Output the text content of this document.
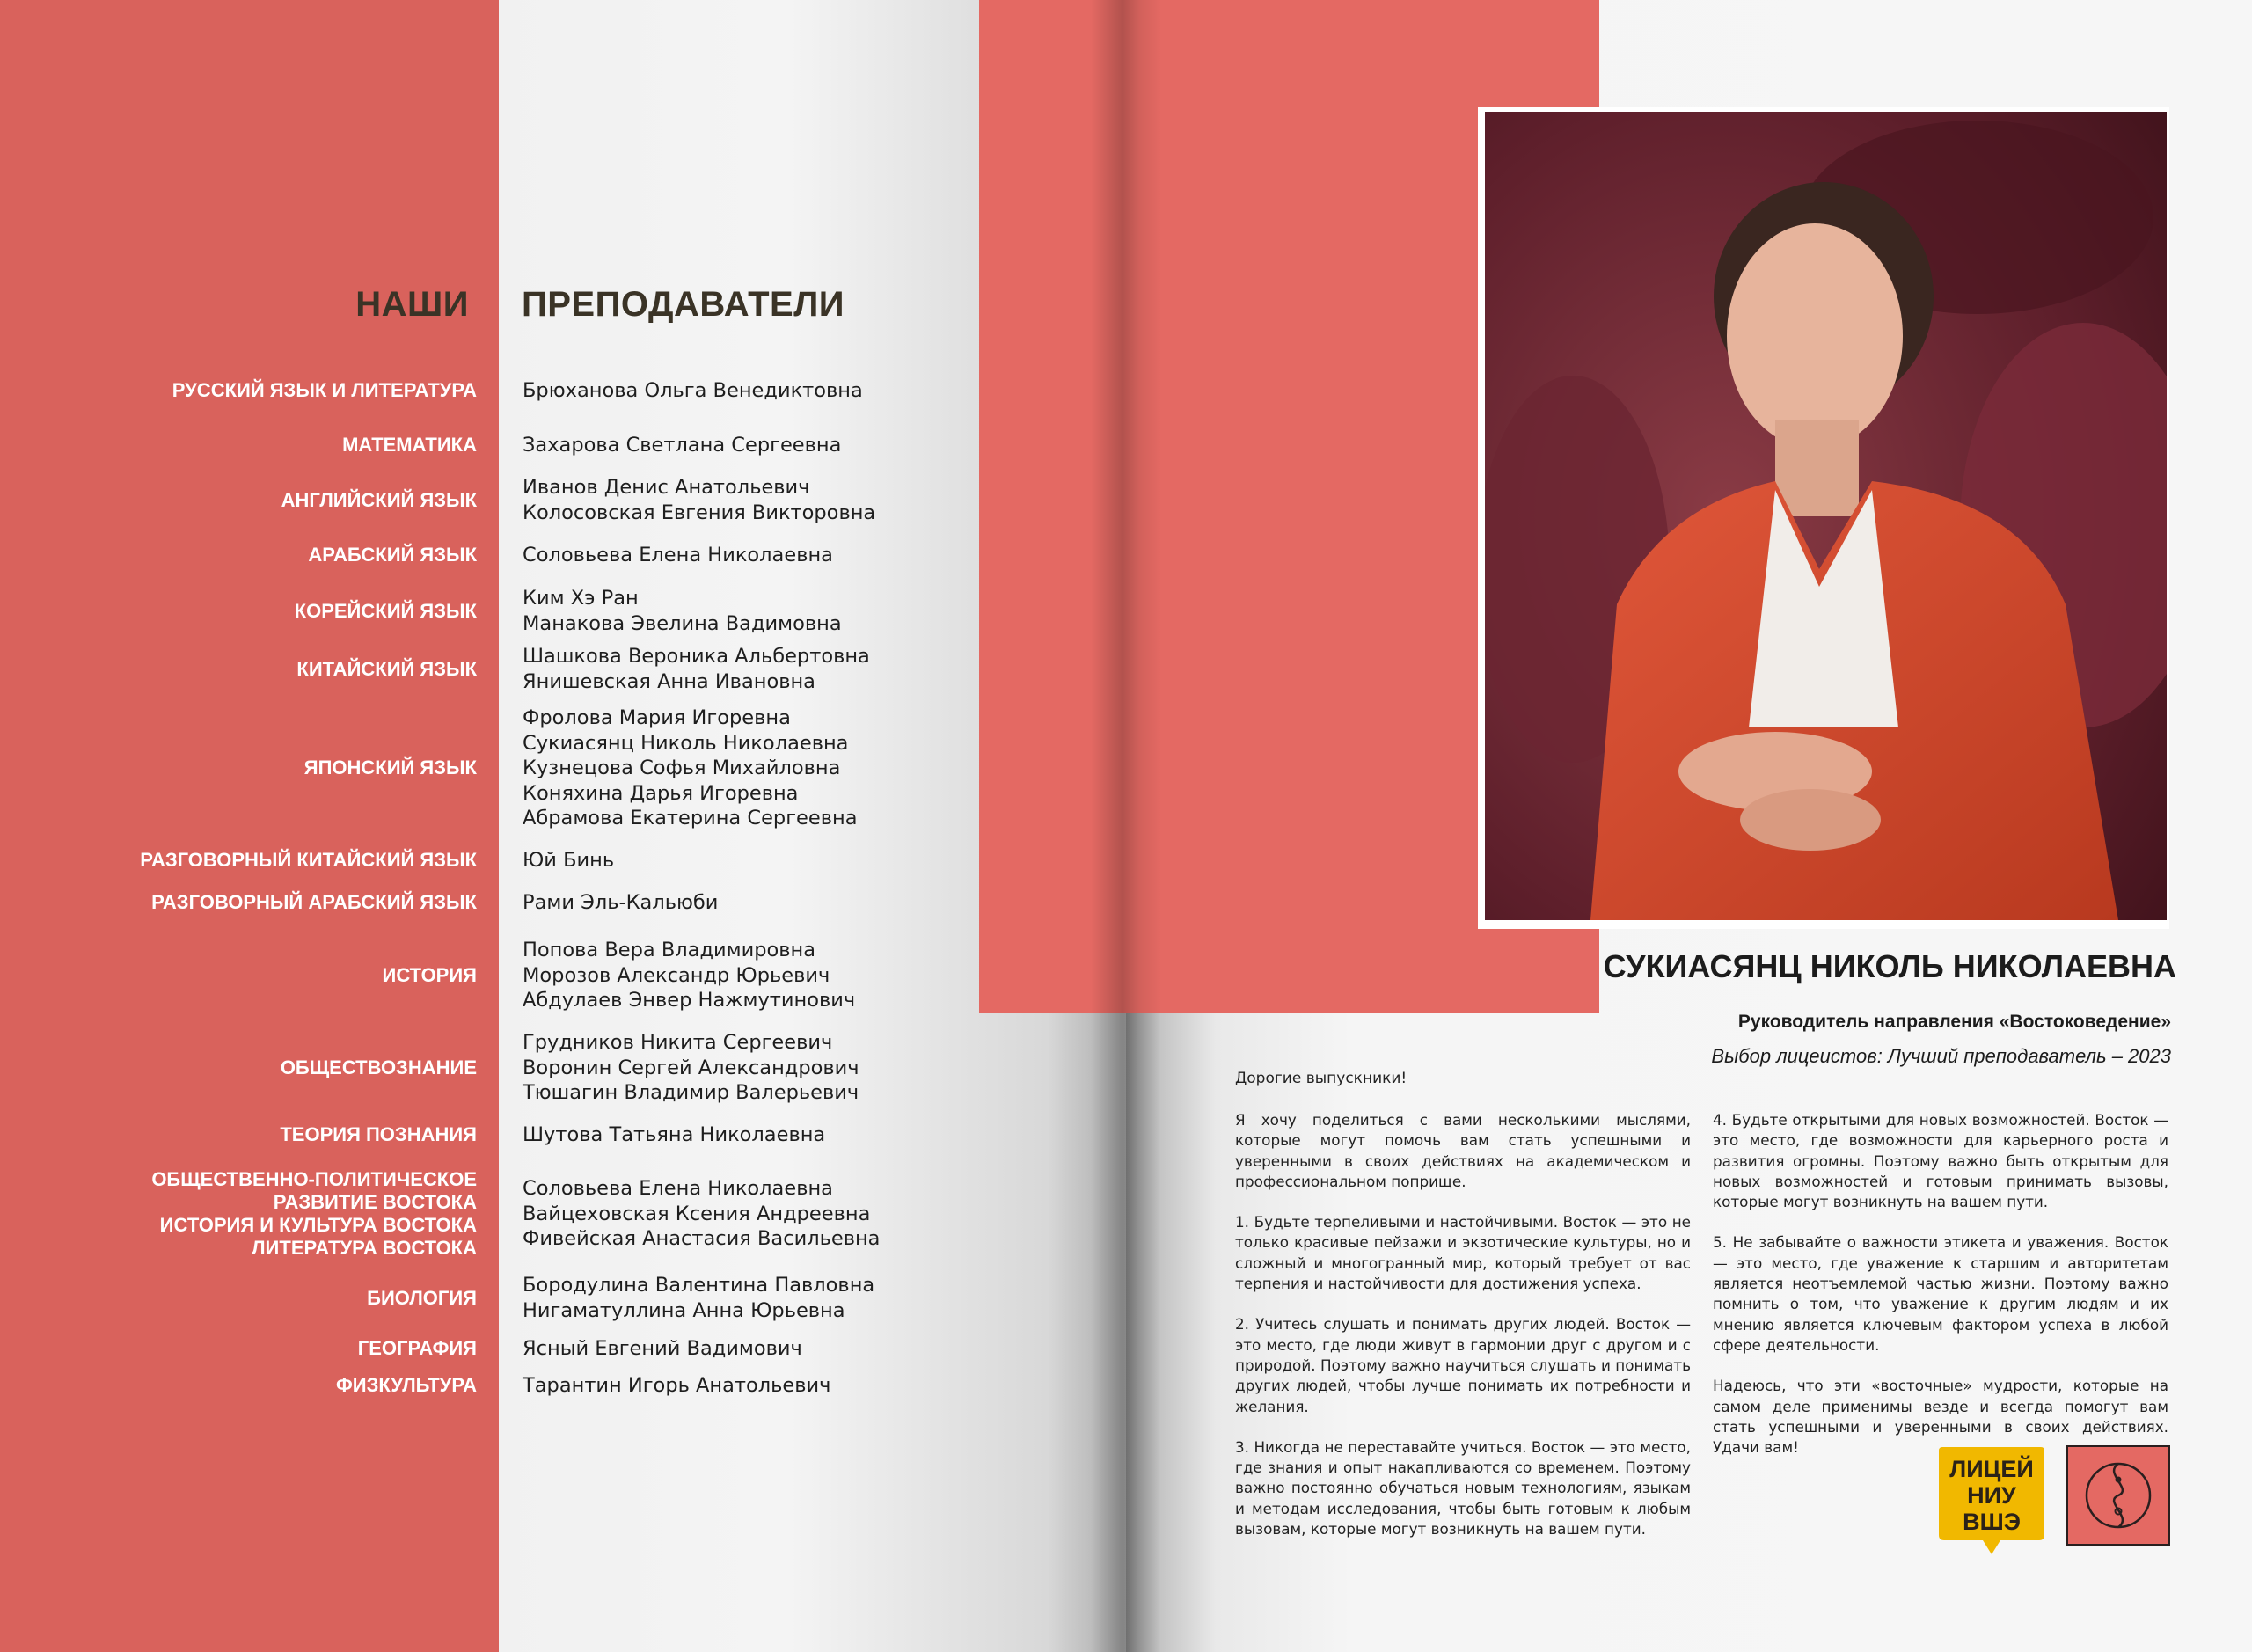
НАШИ ПРЕПОДАВАТЕЛИ
РУССКИЙ ЯЗЫК И ЛИТЕРАТУРА Брюханова Ольга Венедиктовна
МАТЕМАТИКА Захарова Светлана Сергеевна
АНГЛИЙСКИЙ ЯЗЫК
Иванов Денис Анатольевич
Колосовская Евгения Викторовна
АРАБСКИЙ ЯЗЫК Соловьева Елена Николаевна
КОРЕЙСКИЙ ЯЗЫК
Ким Хэ Ран
Манакова Эвелина Вадимовна
КИТАЙСКИЙ ЯЗЫК
Шашкова Вероника Альбертовна
Янишевская Анна Ивановна
ЯПОНСКИЙ ЯЗЫК
Фролова Мария Игоревна
Сукиасянц Николь Николаевна
Кузнецова Софья Михайловна
Коняхина Дарья Игоревна
Абрамова Екатерина Сергеевна
РАЗГОВОРНЫЙ КИТАЙСКИЙ ЯЗЫК Юй Бинь
РАЗГОВОРНЫЙ АРАБСКИЙ ЯЗЫК Рами Эль-Кальюби
ИСТОРИЯ
Попова Вера Владимировна
Морозов Александр Юрьевич
Абдулаев Энвер Нажмутинович
ОБЩЕСТВОЗНАНИЕ
Грудников Никита Сергеевич
Воронин Сергей Александрович
Тюшагин Владимир Валерьевич
ТЕОРИЯ ПОЗНАНИЯ Шутова Татьяна Николаевна
ОБЩЕСТВЕННО-ПОЛИТИЧЕСКОЕ
РАЗВИТИЕ ВОСТОКА
ИСТОРИЯ И КУЛЬТУРА ВОСТОКА
ЛИТЕРАТУРА ВОСТОКА
Соловьева Елена Николаевна
Вайцеховская Ксения Андреевна
Фивейская Анастасия Васильевна
БИОЛОГИЯ
Бородулина Валентина Павловна
Нигаматуллина Анна Юрьевна
ГЕОГРАФИЯ Ясный Евгений Вадимович
ФИЗКУЛЬТУРА Тарантин Игорь Анатольевич
СУКИАСЯНЦ НИКОЛЬ НИКОЛАЕВНА
Руководитель направления «Востоковедение»
Выбор лицеистов: Лучший преподаватель – 2023
Дорогие выпускники!

Я хочу поделиться с вами несколькими мыслями, которые могут помочь вам стать успешными и уверенными в своих действиях на академическом и профессиональном поприще.

1. Будьте терпеливыми и настойчивыми. Восток — это не только красивые пейзажи и экзотические культуры, но и сложный и многогранный мир, который требует от вас терпения и настойчивости для достижения успеха.

2. Учитесь слушать и понимать других людей. Восток — это место, где люди живут в гармонии друг с другом и с природой. Поэтому важно научиться слушать и понимать других людей, чтобы лучше понимать их потребности и желания.

3. Никогда не переставайте учиться. Восток — это место, где знания и опыт накапливаются со временем. Поэтому важно постоянно обучаться новым технологиям, языкам и методам исследования, чтобы быть готовым к любым вызовам, которые могут возникнуть на вашем пути.

4. Будьте открытыми для новых возможностей. Восток — это место, где возможности для карьерного роста и развития огромны. Поэтому важно быть открытым для новых возможностей и готовым принимать вызовы, которые могут возникнуть на вашем пути.

5. Не забывайте о важности этикета и уважения. Восток — это место, где уважение к старшим и авторитетам является неотъемлемой частью жизни. Поэтому важно помнить о том, что уважение к другим людям и их мнению является ключевым фактором успеха в любой сфере деятельности.

Надеюсь, что эти «восточные» мудрости, которые на самом деле применимы везде и всегда помогут вам стать успешными и уверенными в своих действиях. Удачи вам!

ЛИЦЕЙ
НИУ
ВШЭ
